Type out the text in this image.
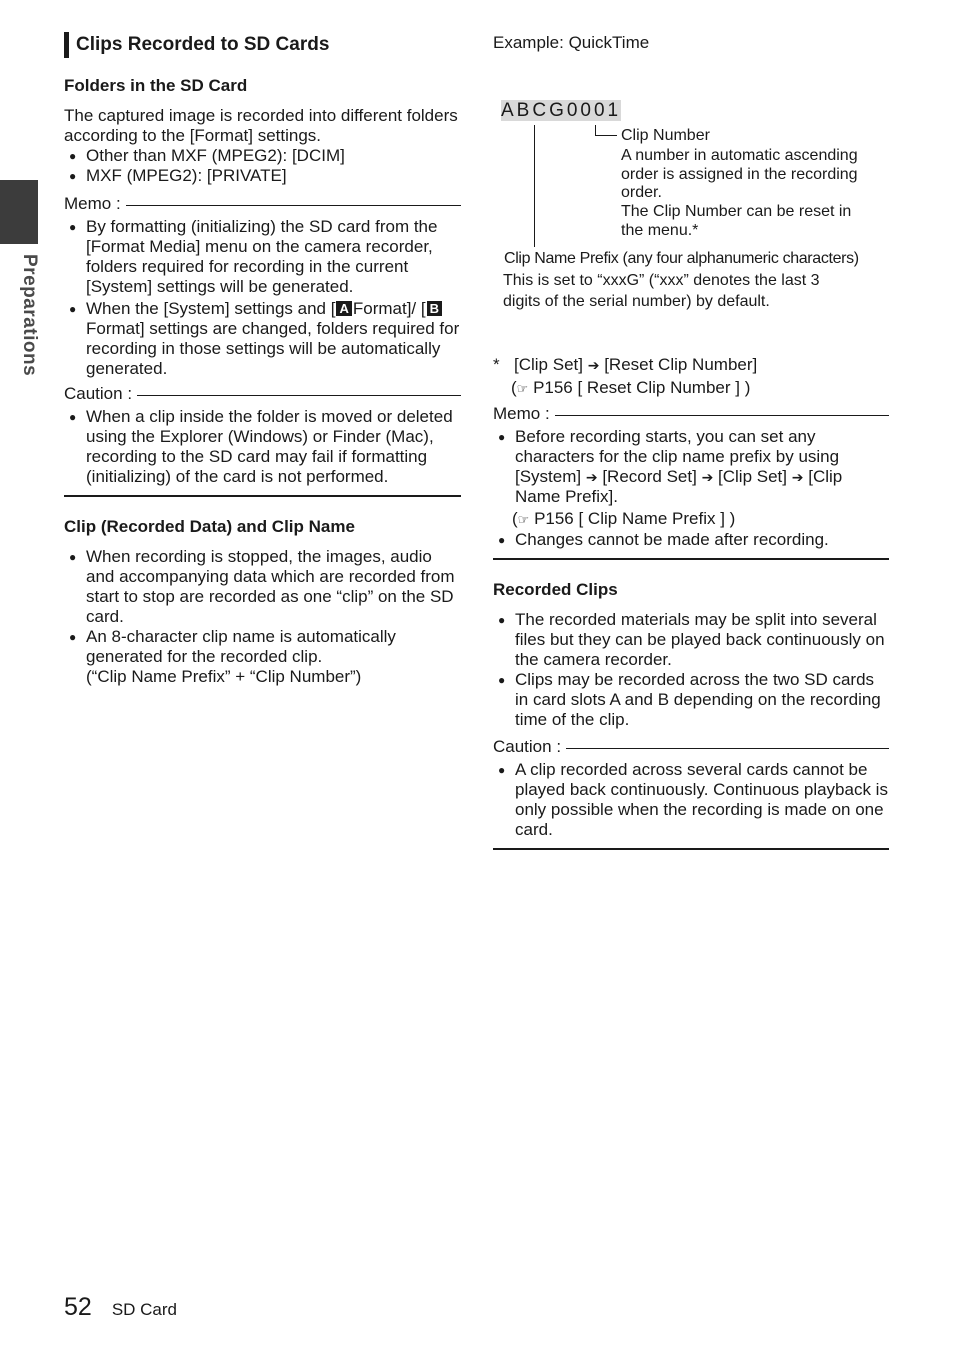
Preparations
Clips Recorded to SD Cards
Folders in the SD Card

The captured image is recorded into different folders according to the [Format] settings.

● Other than MXF (MPEG2): [DCIM]
● MXF (MPEG2): [PRIVATE]
Memo :
● By formatting (initializing) the SD card from the [Format Media] menu on the camera recorder, folders required for recording in the current [System] settings will be generated.
● When the [System] settings and [ A Format]/ [ BFormat] settings are changed, folders required for recording in those settings will be automatically generated.
Caution :
● When a clip inside the folder is moved or deleted using the Explorer (Windows) or Finder (Mac), recording to the SD card may fail if formatting (initializing) of the card is not performed.
Clip (Recorded Data) and Clip Name
● When recording is stopped, the images, audio and accompanying data which are recorded from start to stop are recorded as one “clip” on the SD card.
● An 8-character clip name is automatically generated for the recorded clip.
(“Clip Name Prefix” + “Clip Number”)

Example: QuickTime

ABCG0001
Clip Number
A number in automatic ascending order is assigned in the recording order.
The Clip Number can be reset in the menu.*
Clip Name Prefix (any four alphanumeric characters)
This is set to “xxxG” (“xxx” denotes the last 3 digits of the serial number) by default.
* [Clip Set] ➔ [Reset Clip Number]
(☞ P156 [ Reset Clip Number ] )
Memo :
● Before recording starts, you can set any characters for the clip name prefix by using [System] ➔ [Record Set] ➔ [Clip Set] ➔ [Clip Name Prefix].
(☞ P156 [ Clip Name Prefix ] )
● Changes cannot be made after recording.
Recorded Clips
● The recorded materials may be split into several files but they can be played back continuously on the camera recorder.
● Clips may be recorded across the two SD cards in card slots A and B depending on the recording time of the clip.
Caution :
● A clip recorded across several cards cannot be played back continuously. Continuous playback is only possible when the recording is made on one card.
52 SD Card
